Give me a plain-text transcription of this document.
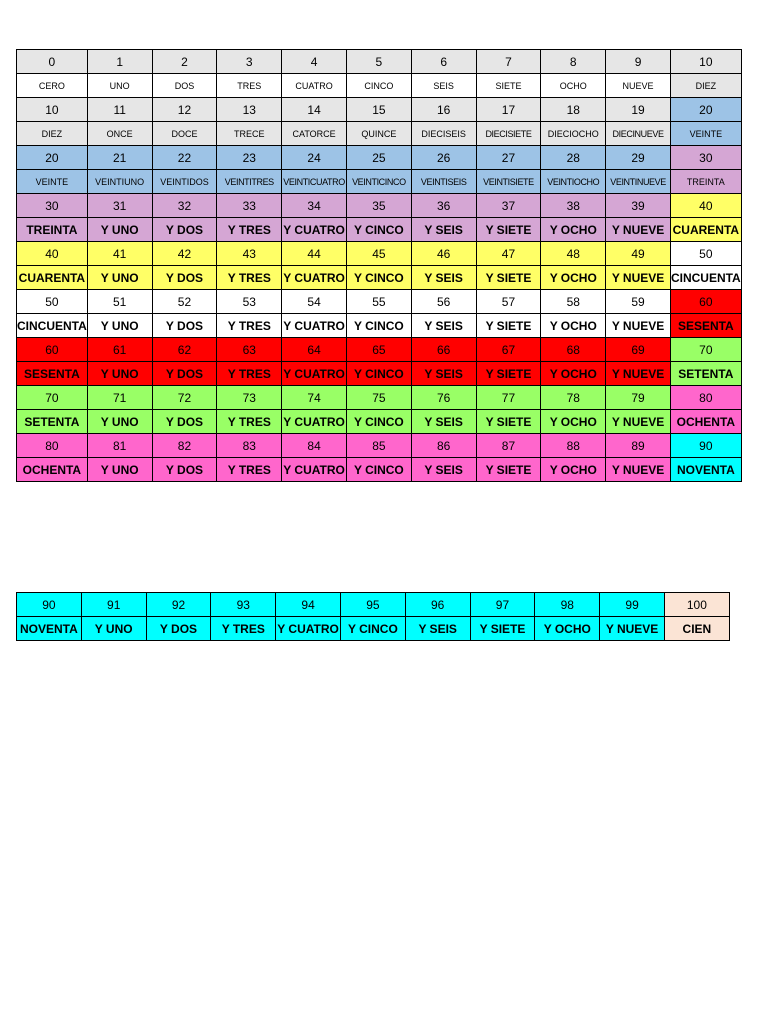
0	1	2	3	4	5	6	7	8	9	10
CERO	UNO	DOS	TRES	CUATRO	CINCO	SEIS	SIETE	OCHO	NUEVE	DIEZ
10	11	12	13	14	15	16	17	18	19	20
DIEZ	ONCE	DOCE	TRECE	CATORCE	QUINCE	DIECISEIS	DIECISIETE	DIECIOCHO	DIECINUEVE	VEINTE
20	21	22	23	24	25	26	27	28	29	30
VEINTE	VEINTIUNO	VEINTIDOS	VEINTITRES	VEINTICUATRO	VEINTICINCO	VEINTISEIS	VEINTISIETE	VEINTIOCHO	VEINTINUEVE	TREINTA
30	31	32	33	34	35	36	37	38	39	40
TREINTA	Y UNO	Y DOS	Y TRES	Y CUATRO	Y CINCO	Y SEIS	Y SIETE	Y OCHO	Y NUEVE	CUARENTA
40	41	42	43	44	45	46	47	48	49	50
CUARENTA	Y UNO	Y DOS	Y TRES	Y CUATRO	Y CINCO	Y SEIS	Y SIETE	Y OCHO	Y NUEVE	CINCUENTA
50	51	52	53	54	55	56	57	58	59	60
CINCUENTA	Y UNO	Y DOS	Y TRES	Y CUATRO	Y CINCO	Y SEIS	Y SIETE	Y OCHO	Y NUEVE	SESENTA
60	61	62	63	64	65	66	67	68	69	70
SESENTA	Y UNO	Y DOS	Y TRES	Y CUATRO	Y CINCO	Y SEIS	Y SIETE	Y OCHO	Y NUEVE	SETENTA
70	71	72	73	74	75	76	77	78	79	80
SETENTA	Y UNO	Y DOS	Y TRES	Y CUATRO	Y CINCO	Y SEIS	Y SIETE	Y OCHO	Y NUEVE	OCHENTA
80	81	82	83	84	85	86	87	88	89	90
OCHENTA	Y UNO	Y DOS	Y TRES	Y CUATRO	Y CINCO	Y SEIS	Y SIETE	Y OCHO	Y NUEVE	NOVENTA
90	91	92	93	94	95	96	97	98	99	100
NOVENTA	Y UNO	Y DOS	Y TRES	Y CUATRO	Y CINCO	Y SEIS	Y SIETE	Y OCHO	Y NUEVE	CIEN
